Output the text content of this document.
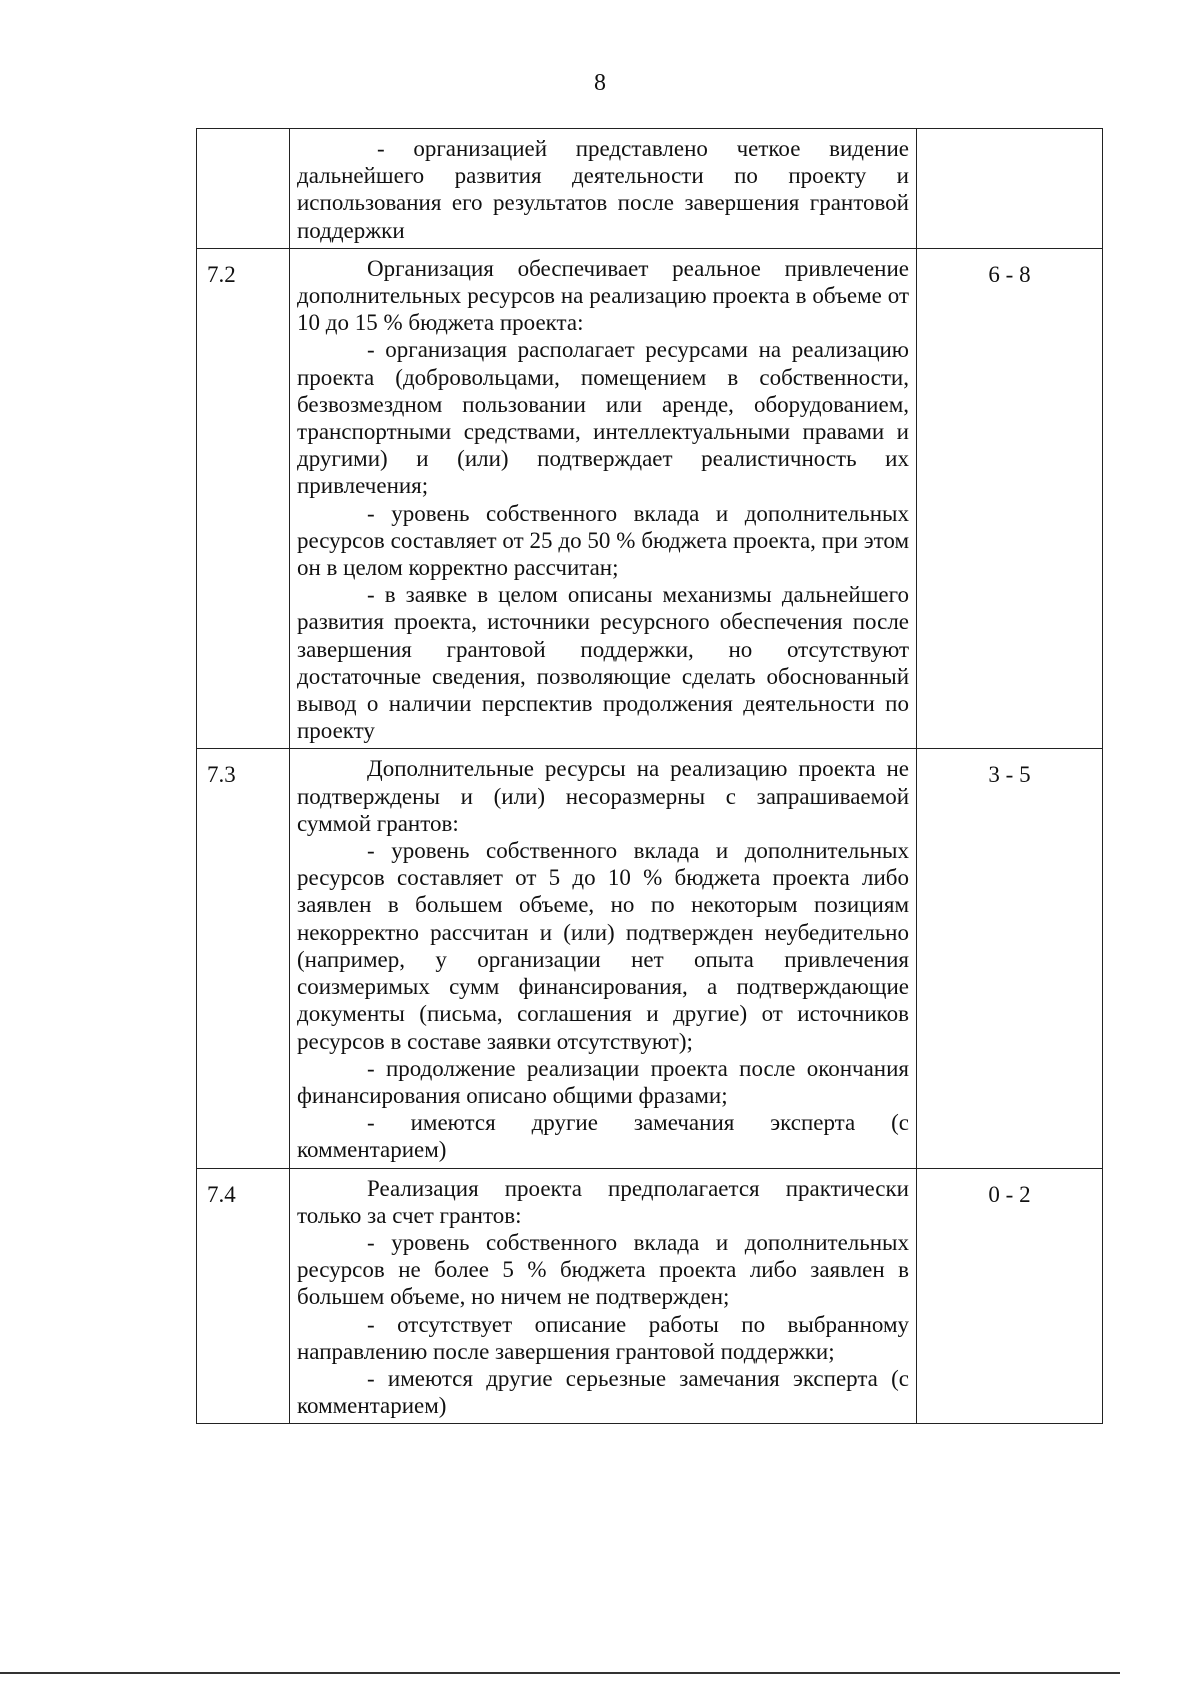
8

	- организацией представлено четкое видение дальнейшего развития деятельности по проекту и использования его результатов после завершения грантовой поддержки	

7.2	Организация обеспечивает реальное привлечение дополнительных ресурсов на реализацию проекта в объеме от 10 до 15 % бюджета проекта:

- организация располагает ресурсами на реализацию проекта (добровольцами, помещением в собственности, безвозмездном пользовании или аренде, оборудованием, транспортными средствами, интеллектуальными правами и другими) и (или) подтверждает реалистичность их привлечения;

- уровень собственного вклада и дополнительных ресурсов составляет от 25 до 50 % бюджета проекта, при этом он в целом корректно рассчитан;

- в заявке в целом описаны механизмы дальнейшего развития проекта, источники ресурсного обеспечения после завершения грантовой поддержки, но отсутствуют достаточные сведения, позволяющие сделать обоснованный вывод о наличии перспектив продолжения деятельности по проекту	6 - 8
7.3	Дополнительные ресурсы на реализацию проекта не подтверждены и (или) несоразмерны с запрашиваемой суммой грантов:

- уровень собственного вклада и дополнительных ресурсов составляет от 5 до 10 % бюджета проекта либо заявлен в большем объеме, но по некоторым позициям некорректно рассчитан и (или) подтвержден неубедительно (например, у организации нет опыта привлечения соизмеримых сумм финансирования, а подтверждающие документы (письма, соглашения и другие) от источников ресурсов в составе заявки отсутствуют);

- продолжение реализации проекта после окончания финансирования описано общими фразами;

- имеются другие замечания эксперта (с комментарием)	3 - 5
7.4	Реализация проекта предполагается практически только за счет грантов:

- уровень собственного вклада и дополнительных ресурсов не более 5 % бюджета проекта либо заявлен в большем объеме, но ничем не подтвержден;

- отсутствует описание работы по выбранному направлению после завершения грантовой поддержки;

- имеются другие серьезные замечания эксперта (с комментарием)	0 - 2
